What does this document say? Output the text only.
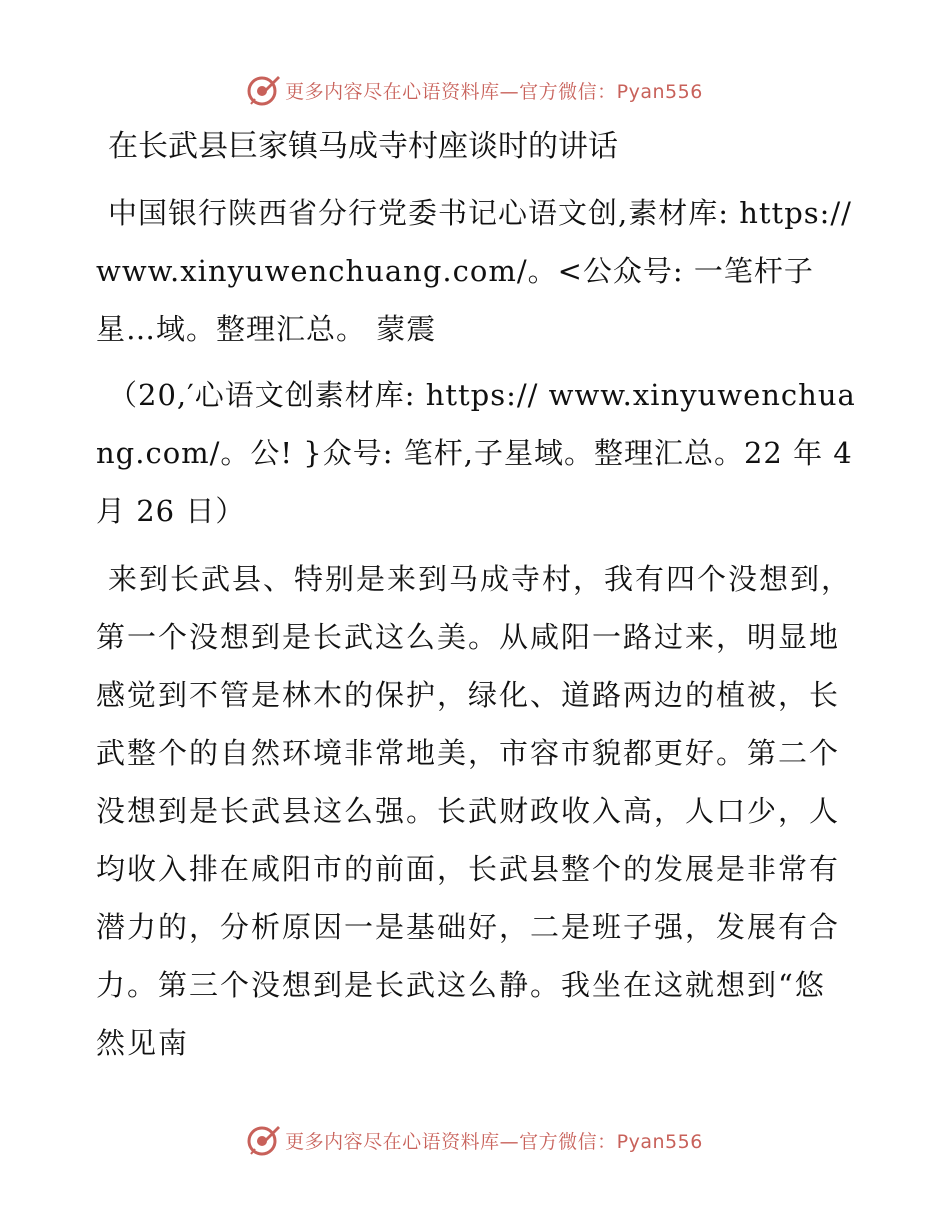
更多内容尽在心语资料库—官方微信：Pyan556
在长武县巨家镇马成寺村座谈时的讲话

中国银行陕西省分行党委书记心语文创,素材库: https://www.xinyuwenchuang.com/。<公众号: 一笔杆子星…域。整理汇总。 蒙震

（20,′心语文创素材库: https:// www.xinyuwenchuang.com/。公! }众号: 笔杆,子星域。整理汇总。22 年 4 月 26 日）

来到长武县、特别是来到马成寺村，我有四个没想到，第一个没想到是长武这么美。从咸阳一路过来，明显地感觉到不管是林木的保护，绿化、道路两边的植被，长武整个的自然环境非常地美，市容市貌都更好。第二个没想到是长武县这么强。长武财政收入高，人口少，人均收入排在咸阳市的前面，长武县整个的发展是非常有潜力的，分析原因一是基础好，二是班子强，发展有合力。第三个没想到是长武这么静。我坐在这就想到“悠然见南

更多内容尽在心语资料库—官方微信：Pyan556
